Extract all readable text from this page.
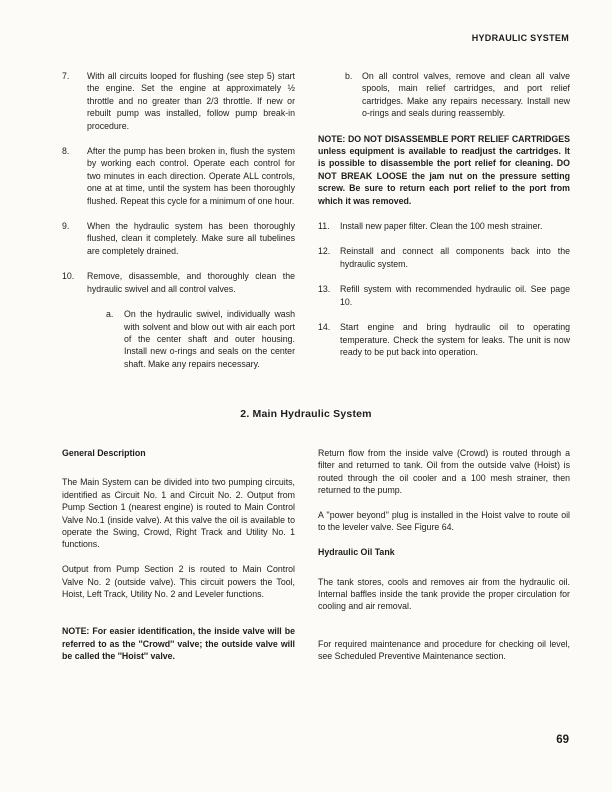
HYDRAULIC SYSTEM
7.	With all circuits looped for flushing (see step 5) start the engine. Set the engine at approximately ½ throttle and no greater than 2/3 throttle. If new or rebuilt pump was installed, follow pump break-in procedure.
8.	After the pump has been broken in, flush the system by working each control. Operate each control for two minutes in each direction. Operate ALL controls, one at at time, until the system has been thoroughly flushed. Repeat this cycle for a minimum of one hour.
9.	When the hydraulic system has been thoroughly flushed, clean it completely. Make sure all tubelines are completely drained.
10.	Remove, disassemble, and thoroughly clean the hydraulic swivel and all control valves.
a.	On the hydraulic swivel, individually wash with solvent and blow out with air each port of the center shaft and outer housing. Install new o-rings and seals on the center shaft. Make any repairs necessary.
b.	On all control valves, remove and clean all valve spools, main relief cartridges, and port relief cartridges. Make any repairs necessary. Install new o-rings and seals during reassembly.
NOTE: DO NOT DISASSEMBLE PORT RELIEF CARTRIDGES unless equipment is available to readjust the cartridges. It is possible to disassemble the port relief for cleaning. DO NOT BREAK LOOSE the jam nut on the pressure setting screw. Be sure to return each port relief to the port from which it was removed.
11.	Install new paper filter. Clean the 100 mesh strainer.
12.	Reinstall and connect all components back into the hydraulic system.
13.	Refill system with recommended hydraulic oil. See page 10.
14.	Start engine and bring hydraulic oil to operating temperature. Check the system for leaks. The unit is now ready to be put back into operation.
2. Main Hydraulic System
General Description
The Main System can be divided into two pumping circuits, identified as Circuit No. 1 and Circuit No. 2. Output from Pump Section 1 (nearest engine) is routed to Main Control Valve No.1 (inside valve). At this valve the oil is available to operate the Swing, Crowd, Right Track and Utility No. 1 functions.
Output from Pump Section 2 is routed to Main Control Valve No. 2 (outside valve). This circuit powers the Tool, Hoist, Left Track, Utility No. 2 and Leveler functions.
NOTE: For easier identification, the inside valve will be referred to as the ''Crowd'' valve; the outside valve will be called the ''Hoist'' valve.
Return flow from the inside valve (Crowd) is routed through a filter and returned to tank. Oil from the outside valve (Hoist) is routed through the oil cooler and a 100 mesh strainer, then returned to the pump.
A ''power beyond'' plug is installed in the Hoist valve to route oil to the leveler valve. See Figure 64.
Hydraulic Oil Tank
The tank stores, cools and removes air from the hydraulic oil. Internal baffles inside the tank provide the proper circulation for cooling and air removal.
For required maintenance and procedure for checking oil level, see Scheduled Preventive Maintenance section.
69
